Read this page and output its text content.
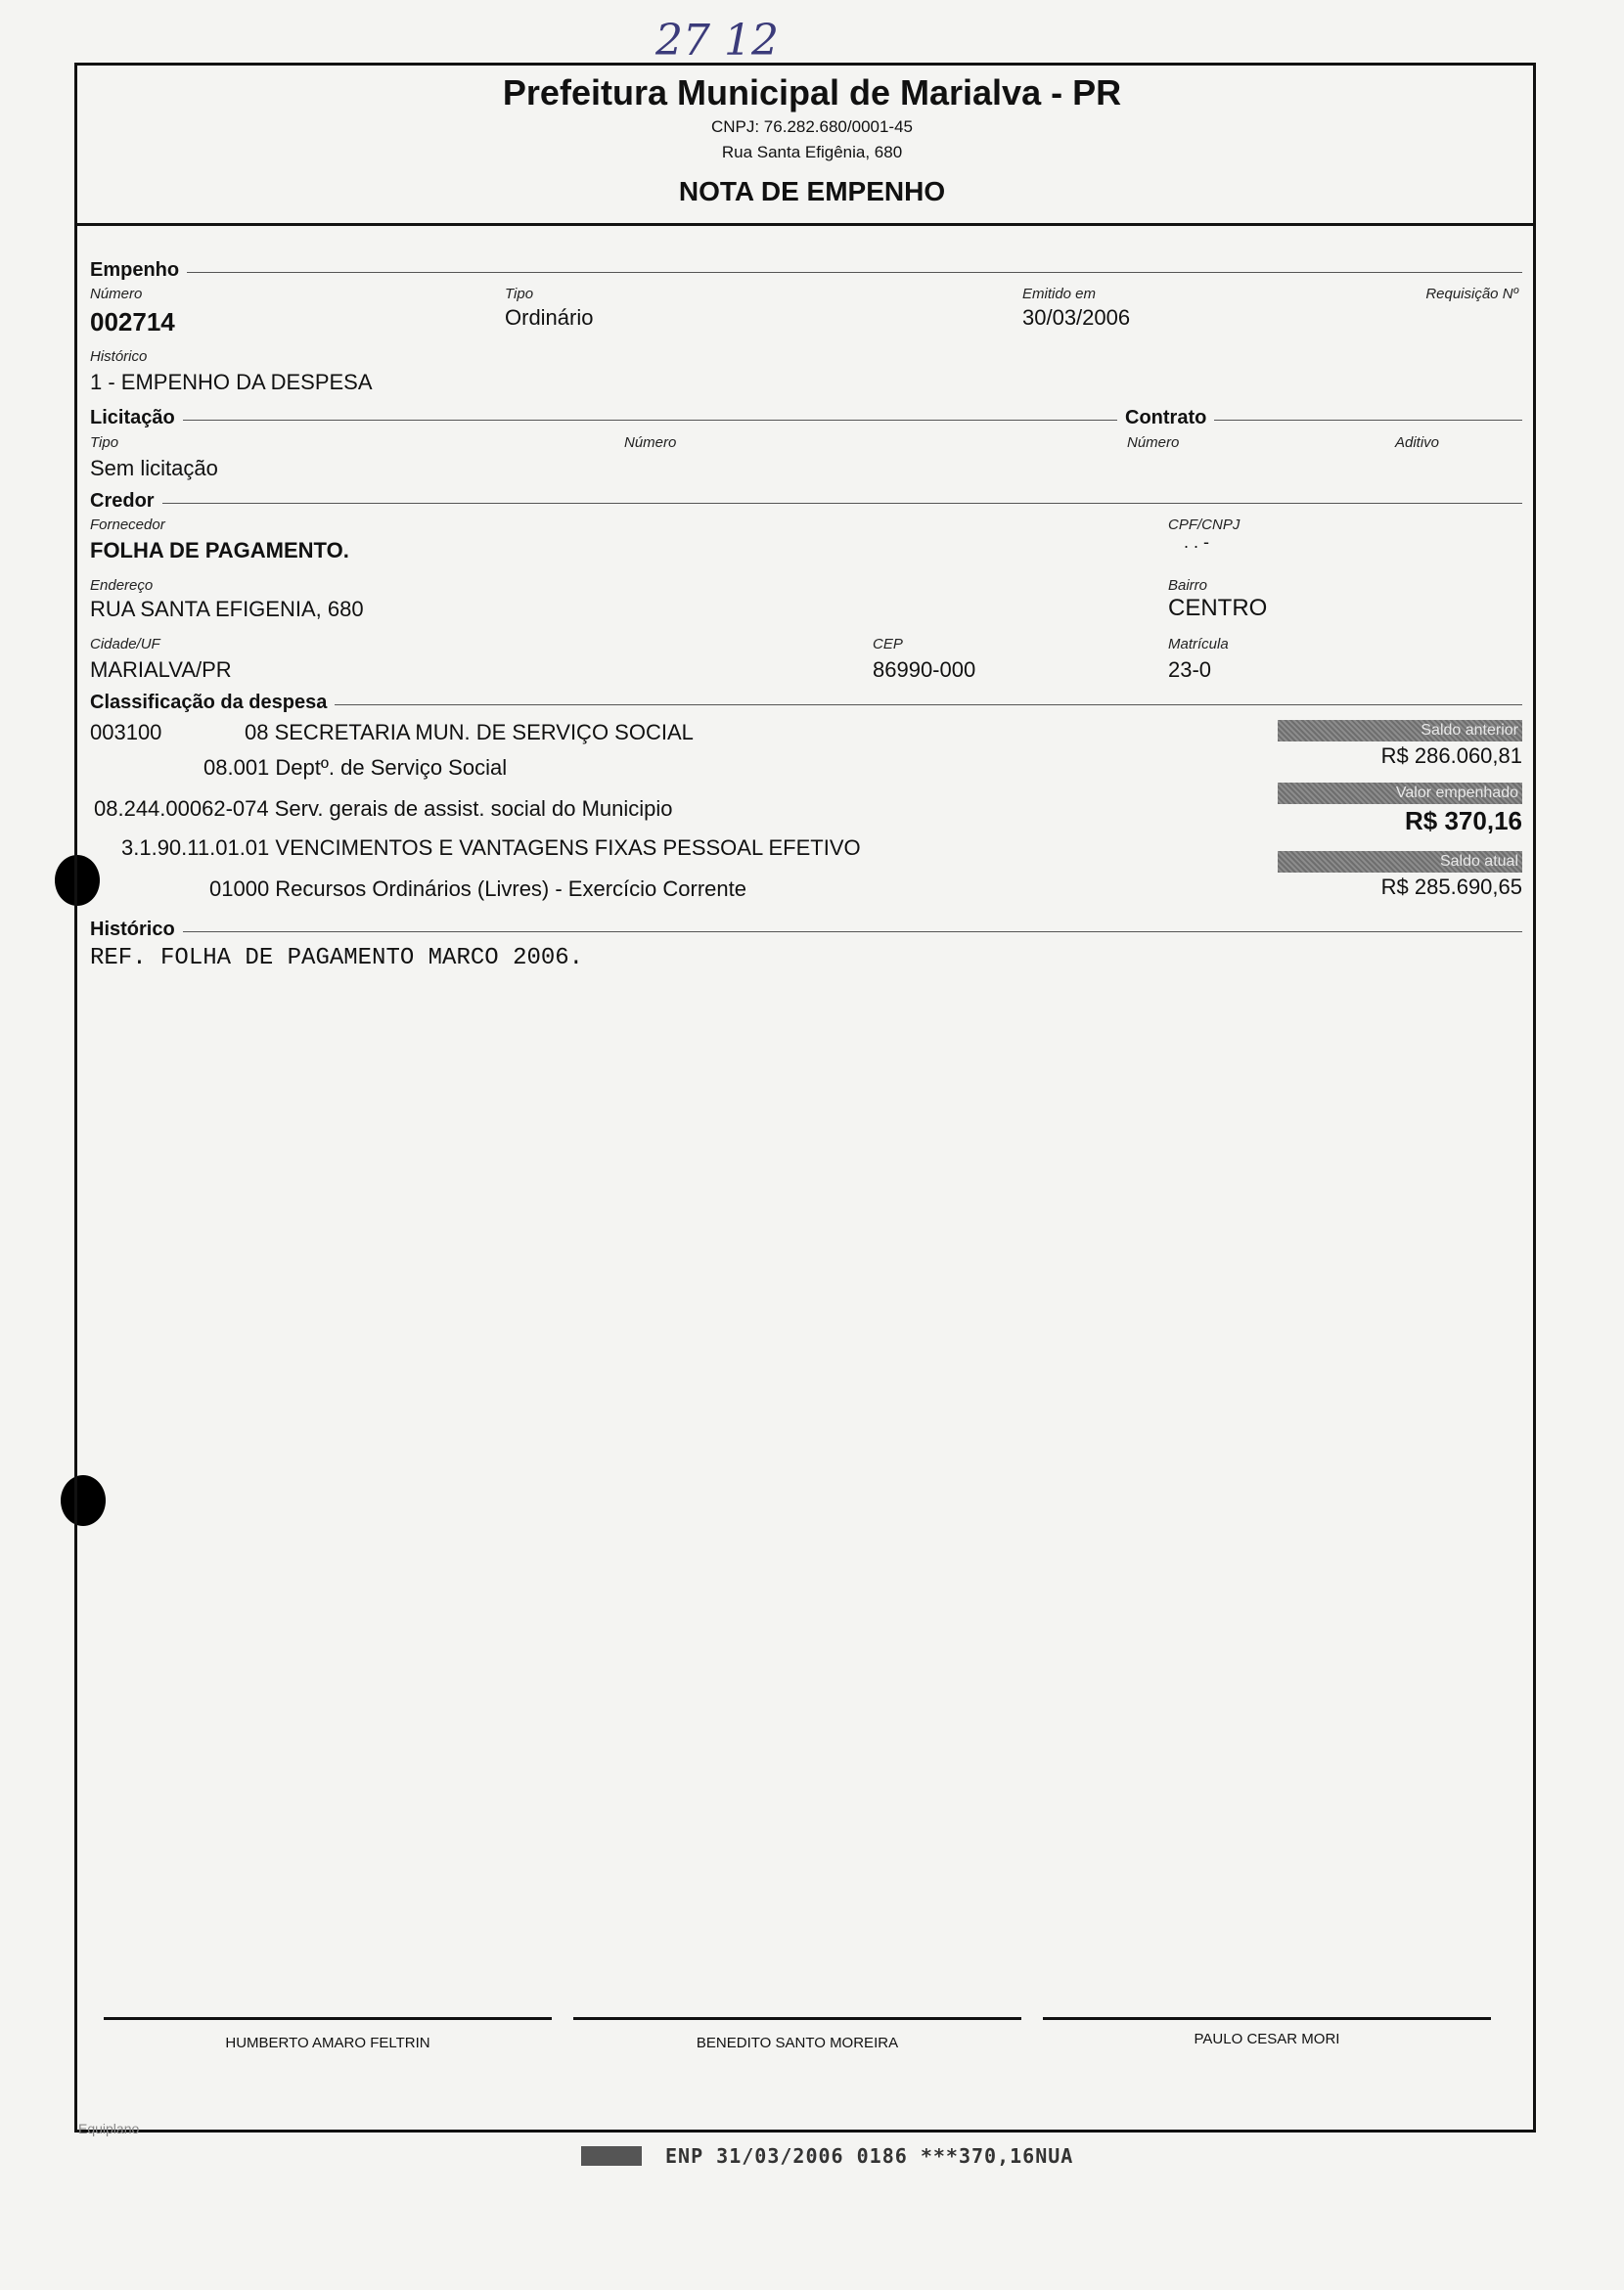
27 12
Prefeitura Municipal de Marialva - PR
CNPJ: 76.282.680/0001-45
Rua Santa Efigênia, 680
NOTA DE EMPENHO
Empenho
Número
002714
Tipo
Ordinário
Emitido em
30/03/2006
Requisição Nº
Histórico
1 - EMPENHO DA DESPESA
Licitação	Contrato
Tipo
Sem licitação
Número	Número	Aditivo
Credor
Fornecedor
FOLHA DE PAGAMENTO.
CPF/CNPJ
. . -
Endereço
RUA SANTA EFIGENIA, 680
Bairro
CENTRO
Cidade/UF
MARIALVA/PR
CEP
86990-000
Matrícula
23-0
Classificação da despesa
003100	08 SECRETARIA MUN. DE SERVIÇO SOCIAL
08.001 Deptº. de Serviço Social
08.244.00062-074 Serv. gerais de assist. social do Municipio
3.1.90.11.01.01 VENCIMENTOS E VANTAGENS FIXAS PESSOAL EFETIVO
01000 Recursos Ordinários (Livres) - Exercício Corrente
Saldo anterior
R$ 286.060,81
Valor empenhado
R$ 370,16
Saldo atual
R$ 285.690,65
Histórico
REF. FOLHA DE PAGAMENTO MARCO 2006.
HUMBERTO AMARO FELTRIN	BENEDITO SANTO MOREIRA	PAULO CESAR MORI
Equiplano
ENP 31/03/2006 0186 ***370,16NUA
